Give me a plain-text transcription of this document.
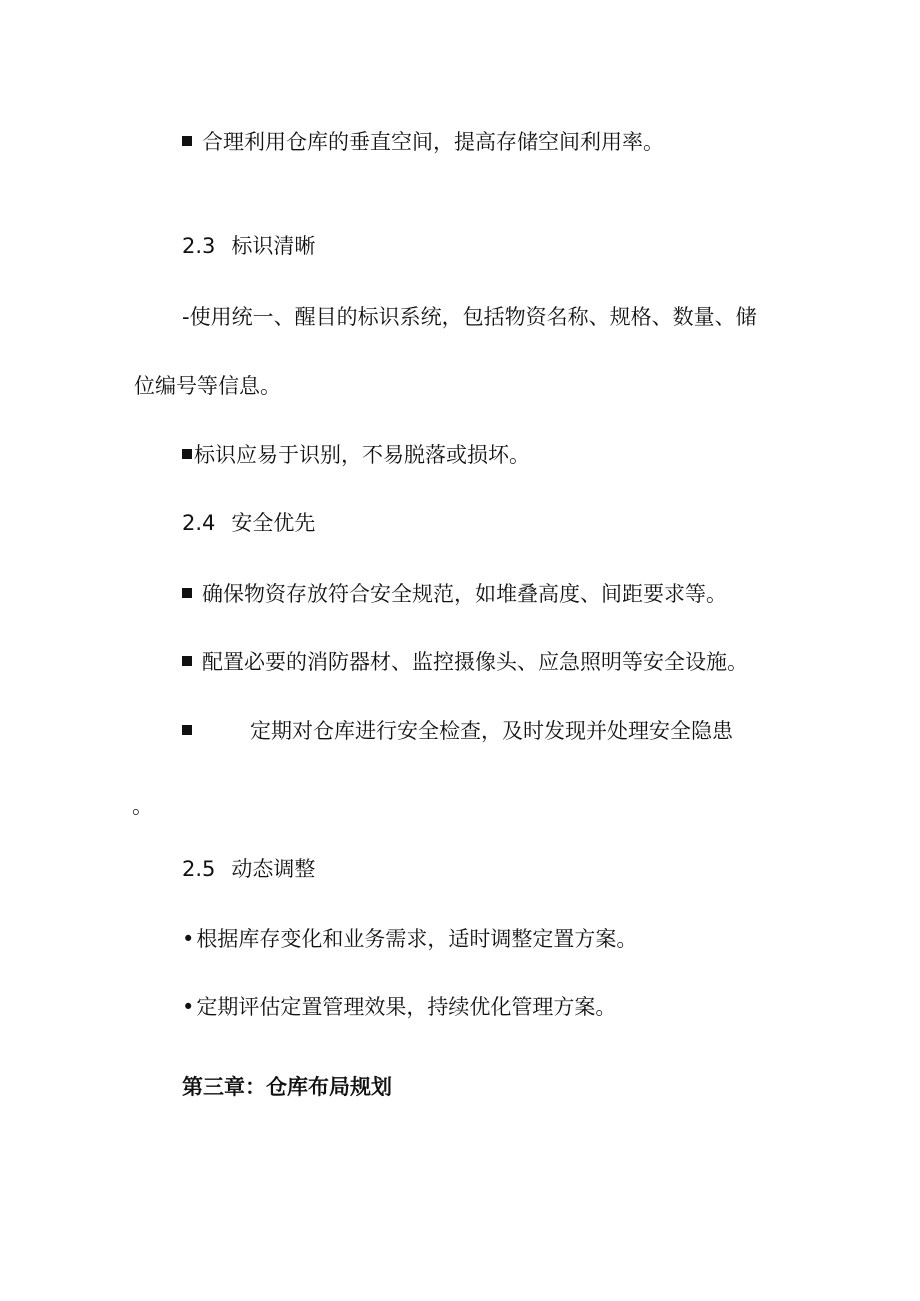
合理利用仓库的垂直空间，提高存储空间利用率。

2.3 标识清晰

-使用统一、醒目的标识系统，包括物资名称、规格、数量、储

位编号等信息。

标识应易于识别，不易脱落或损坏。

2.4 安全优先

确保物资存放符合安全规范，如堆叠高度、间距要求等。

配置必要的消防器材、监控摄像头、应急照明等安全设施。

定期对仓库进行安全检查，及时发现并处理安全隐患

。

2.5 动态调整

•根据库存变化和业务需求，适时调整定置方案。

•定期评估定置管理效果，持续优化管理方案。

第三章：仓库布局规划
